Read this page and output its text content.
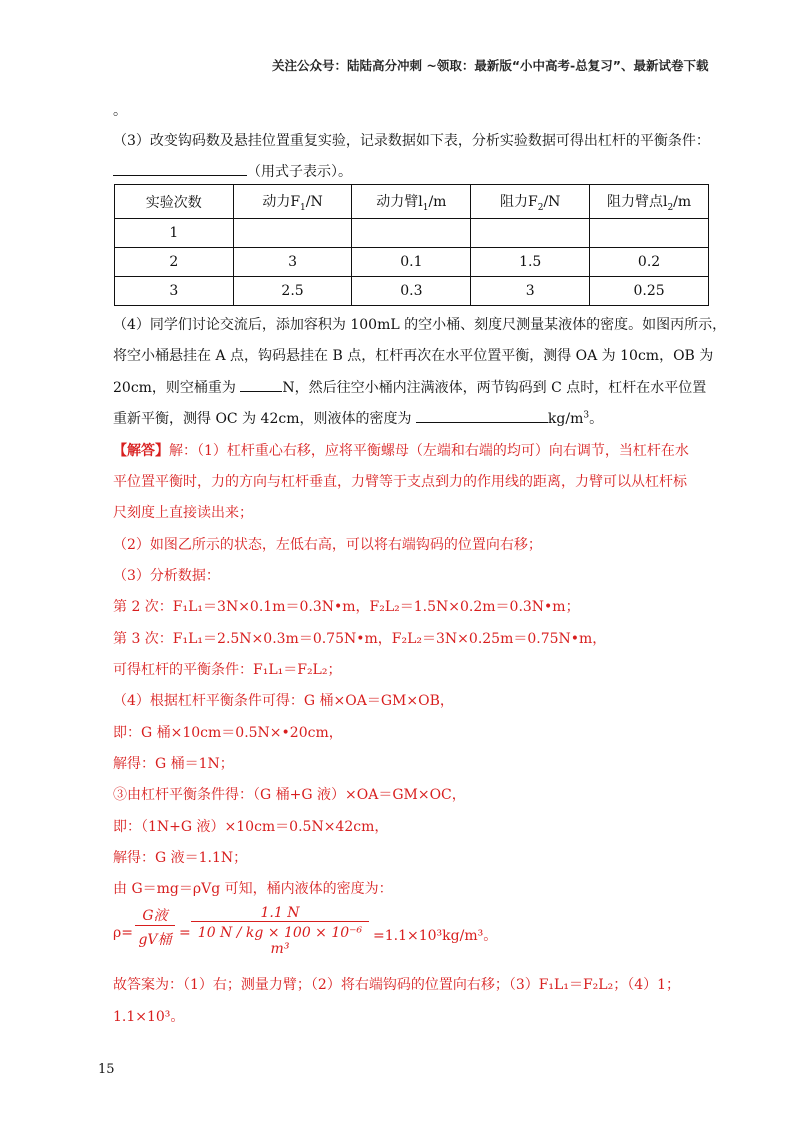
关注公众号：陆陆高分冲刺 ~领取：最新版“小中高考-总复习”、最新试卷下载
。
（3）改变钩码数及悬挂位置重复实验，记录数据如下表，分析实验数据可得出杠杆的平衡条件：
（用式子表示）。
实验次数	动力$F_1/N$	动力臂$l_1/m$	阻力$F_2/N$	阻力臂点$l_2/m$
1				
2	3	0.1	1.5	0.2
3	2.5	0.3	3	0.25
（4）同学们讨论交流后，添加容积为 100mL 的空小桶、刻度尺测量某液体的密度。如图丙所示，
将空小桶悬挂在 A 点，钩码悬挂在 B 点，杠杆再次在水平位置平衡，测得 OA 为 10cm，OB 为
20cm，则空桶重为	N，然后往空小桶内注满液体，两节钩码到 C 点时，杠杆在水平位置
重新平衡，测得 OC 为 42cm，则液体的密度为	$kg/m^3$。
【解答】解：（1）杠杆重心右移，应将平衡螺母（左端和右端的均可）向右调节，当杠杆在水
平位置平衡时，力的方向与杠杆垂直，力臂等于支点到力的作用线的距离，力臂可以从杠杆标
尺刻度上直接读出来；
（2）如图乙所示的状态，左低右高，可以将右端钩码的位置向右移；
（3）分析数据：
第 2 次：F₁L₁＝3N×0.1m＝0.3N•m，F₂L₂＝1.5N×0.2m＝0.3N•m；
第 3 次：F₁L₁＝2.5N×0.3m＝0.75N•m，F₂L₂＝3N×0.25m＝0.75N•m，
可得杠杆的平衡条件：F₁L₁＝F₂L₂；
（4）根据杠杆平衡条件可得：G 桶×OA＝GM×OB，
即：G 桶×10cm＝0.5N×•20cm，
解得：G 桶＝1N；
③由杠杆平衡条件得：（G 桶+G 液）×OA＝GM×OC，
即：（1N+G 液）×10cm＝0.5N×42cm，
解得：G 液＝1.1N；
由 G＝mg＝ρVg 可知，桶内液体的密度为：
ρ=
G液
gV桶 = $\frac{1.1 N}{\text{10 N / kg × 100 × 10⁻⁶ m³}} =1.1\times 10^3kg/m^3$。
故答案为：（1）右；测量力臂；（2）将右端钩码的位置向右移；（3）F₁L₁＝F₂L₂；（4）1；
1.1×10³。
15
